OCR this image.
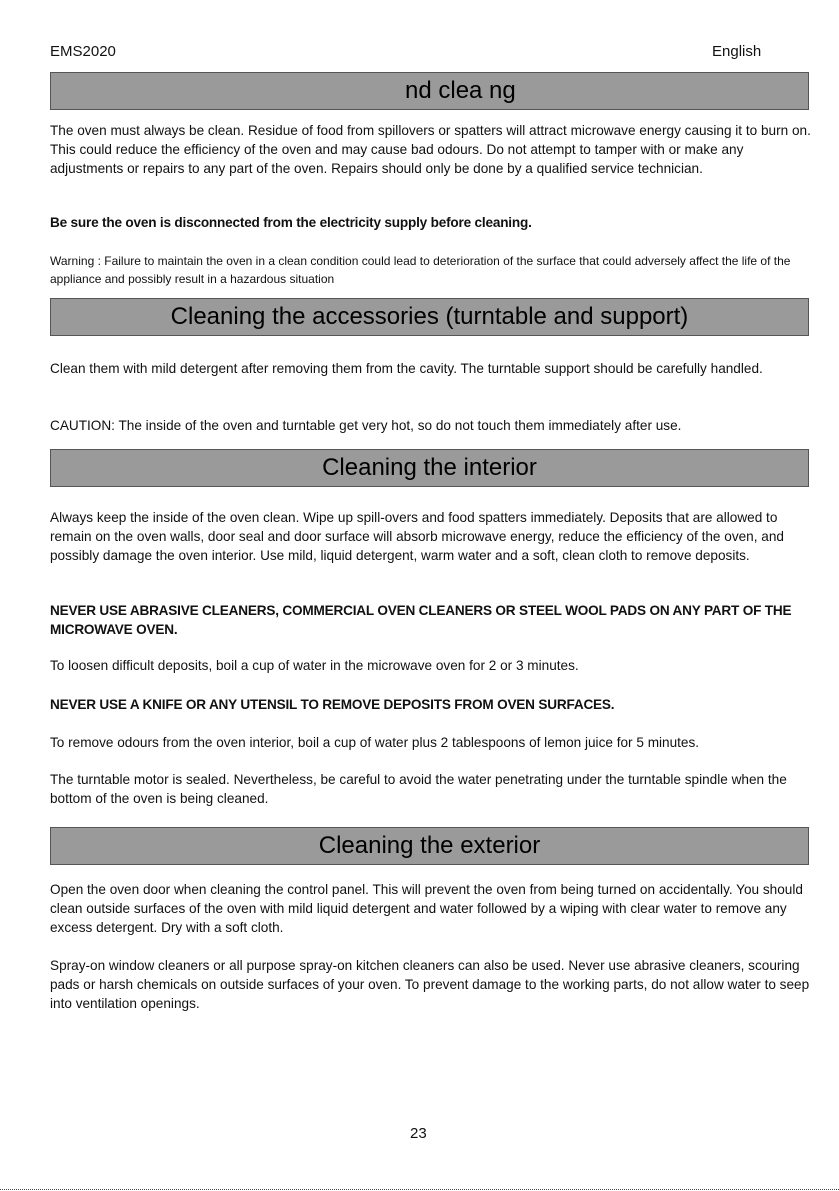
EMS2020	English
nd clea ng
The oven must always be clean. Residue of food from spillovers or spatters will attract microwave energy causing it to burn on. This could reduce the efficiency of the oven and may cause bad odours. Do not attempt to tamper with or make any adjustments or repairs to any part of the oven. Repairs should only be done by a qualified service technician.
Be sure the oven is disconnected from the electricity supply before cleaning.
Warning : Failure to maintain the oven in a clean condition could lead to deterioration of the surface that could adversely affect the life of the appliance and possibly result in a hazardous situation
Cleaning the accessories (turntable and support)
Clean them with mild detergent after removing them from the cavity. The turntable support should be carefully handled.
CAUTION: The inside of the oven and turntable get very hot, so do not touch them immediately after use.
Cleaning the interior
Always keep the inside of the oven clean. Wipe up spill-overs and food spatters immediately. Deposits that are allowed to remain on the oven walls, door seal and door surface will absorb microwave energy, reduce the efficiency of the oven, and possibly damage the oven interior. Use mild, liquid detergent, warm water and a soft, clean cloth to remove deposits.
NEVER USE ABRASIVE CLEANERS, COMMERCIAL OVEN CLEANERS OR STEEL WOOL PADS ON ANY PART OF THE MICROWAVE OVEN.
To loosen difficult deposits, boil a cup of water in the microwave oven for 2 or 3 minutes.
NEVER USE A KNIFE OR ANY UTENSIL TO REMOVE DEPOSITS FROM OVEN SURFACES.
To remove odours from the oven interior, boil a cup of water plus 2 tablespoons of lemon juice for 5 minutes.
The turntable motor is sealed. Nevertheless, be careful to avoid the water penetrating under the turntable spindle when the bottom of the oven is being cleaned.
Cleaning the exterior
Open the oven door when cleaning the control panel. This will prevent the oven from being turned on accidentally. You should clean outside surfaces of the oven with mild liquid detergent and water followed by a wiping with clear water to remove any excess detergent. Dry with a soft cloth.
Spray-on window cleaners or all purpose spray-on kitchen cleaners can also be used. Never use abrasive cleaners, scouring pads or harsh chemicals on outside surfaces of your oven. To prevent damage to the working parts, do not allow water to seep into ventilation openings.
23
